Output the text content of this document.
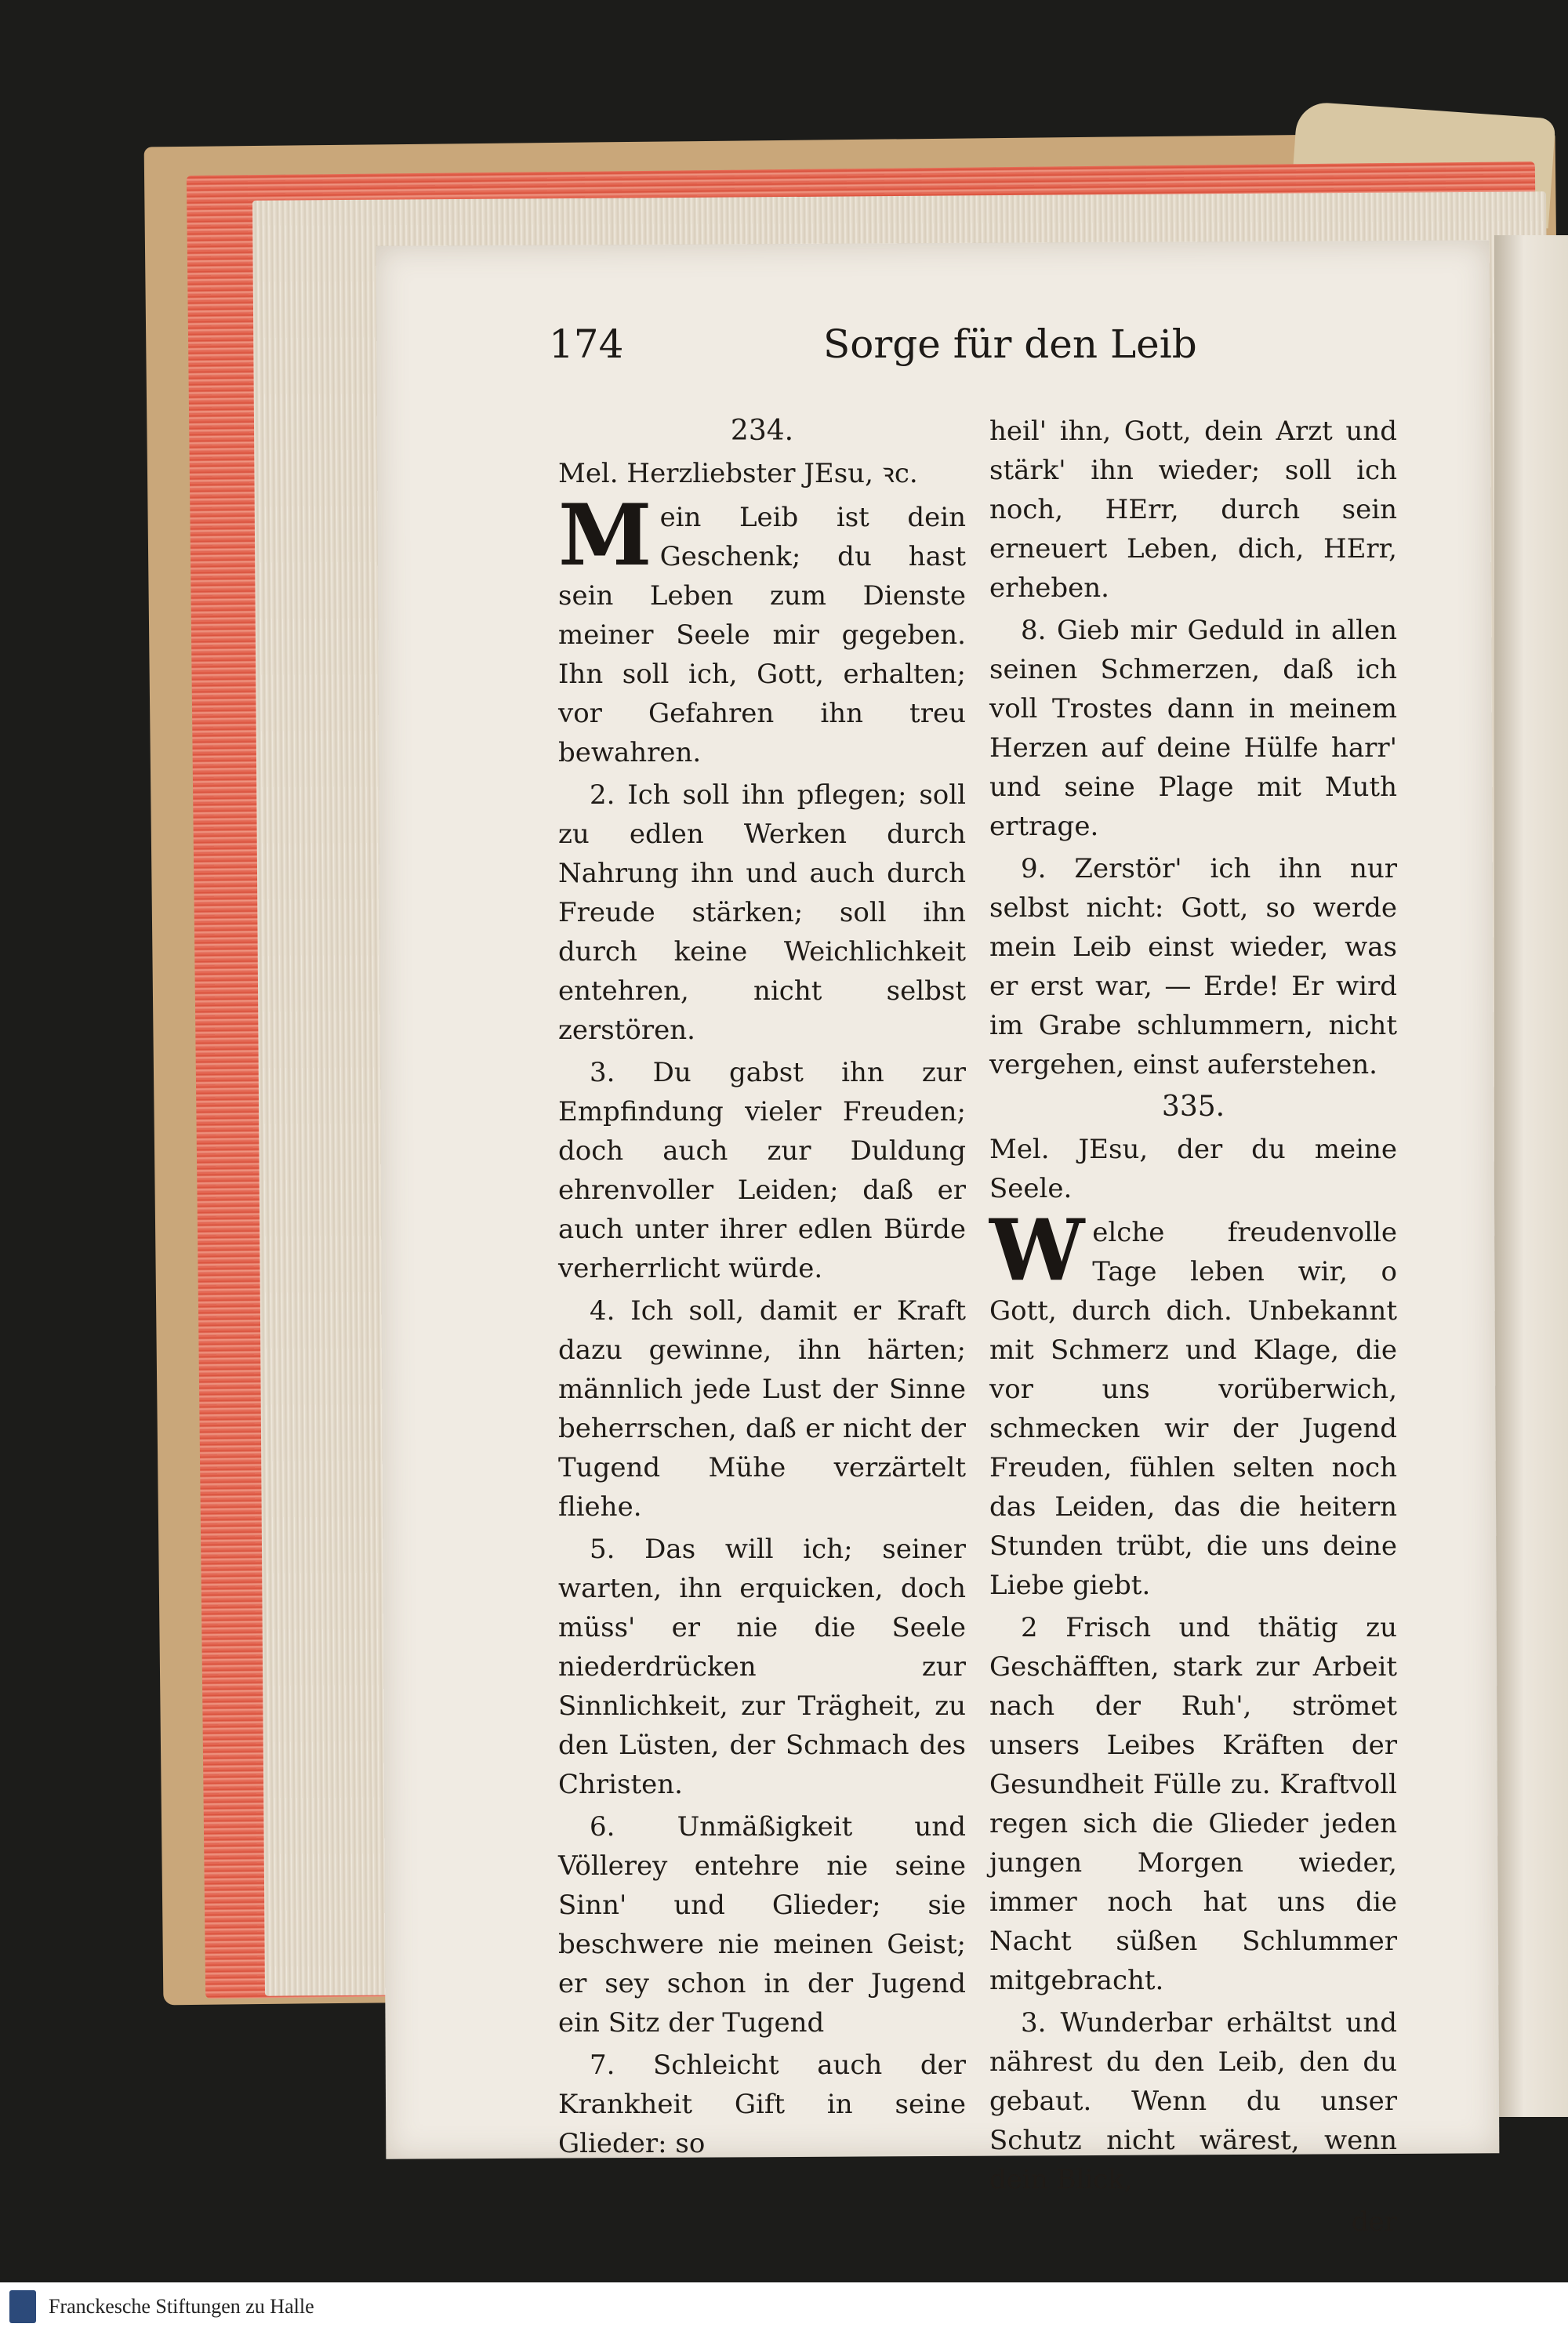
174	Sorge für den Leib
234.
Mel. Herzliebster JEsu, ꝛc.
M ein Leib ist dein Geschenk; du hast sein Leben zum Dienste meiner Seele mir gegeben. Ihn soll ich, Gott, erhalten; vor Gefahren ihn treu bewahren.
2. Ich soll ihn pflegen; soll zu edlen Werken durch Nahrung ihn und auch durch Freude stärken; soll ihn durch keine Weichlichkeit entehren, nicht selbst zerstören.
3. Du gabst ihn zur Empfindung vieler Freuden; doch auch zur Duldung ehrenvoller Leiden; daß er auch unter ihrer edlen Bürde verherrlicht würde.
4. Ich soll, damit er Kraft dazu gewinne, ihn härten; männlich jede Lust der Sinne beherrschen, daß er nicht der Tugend Mühe verzärtelt fliehe.
5. Das will ich; seiner warten, ihn erquicken, doch müss' er nie die Seele niederdrücken zur Sinnlichkeit, zur Trägheit, zu den Lüsten, der Schmach des Christen.
6. Unmäßigkeit und Völlerey entehre nie seine Sinn' und Glieder; sie beschwere nie meinen Geist; er sey schon in der Jugend ein Sitz der Tugend
7. Schleicht auch der Krankheit Gift in seine Glieder: so
heil' ihn, Gott, dein Arzt und stärk' ihn wieder; soll ich noch, HErr, durch sein erneuert Leben, dich, HErr, erheben.
8. Gieb mir Geduld in allen seinen Schmerzen, daß ich voll Trostes dann in meinem Herzen auf deine Hülfe harr' und seine Plage mit Muth ertrage.
9. Zerstör' ich ihn nur selbst nicht: Gott, so werde mein Leib einst wieder, was er erst war, — Erde! Er wird im Grabe schlummern, nicht vergehen, einst auferstehen.
335.
Mel. JEsu, der du meine Seele.
W elche freudenvolle Tage leben wir, o Gott, durch dich. Unbekannt mit Schmerz und Klage, die vor uns vorüberwich, schmecken wir der Jugend Freuden, fühlen selten noch das Leiden, das die heitern Stunden trübt, die uns deine Liebe giebt.
2 Frisch und thätig zu Geschäfften, stark zur Arbeit nach der Ruh', strömet unsers Leibes Kräften der Gesundheit Fülle zu. Kraftvoll regen sich die Glieder jeden jungen Morgen wieder, immer noch hat uns die Nacht süßen Schlummer mitgebracht.
3. Wunderbar erhältst und nährest du den Leib, den du gebaut. Wenn du unser Schutz nicht wärest, wenn dein Blick,
der
Franckesche Stiftungen zu Halle
